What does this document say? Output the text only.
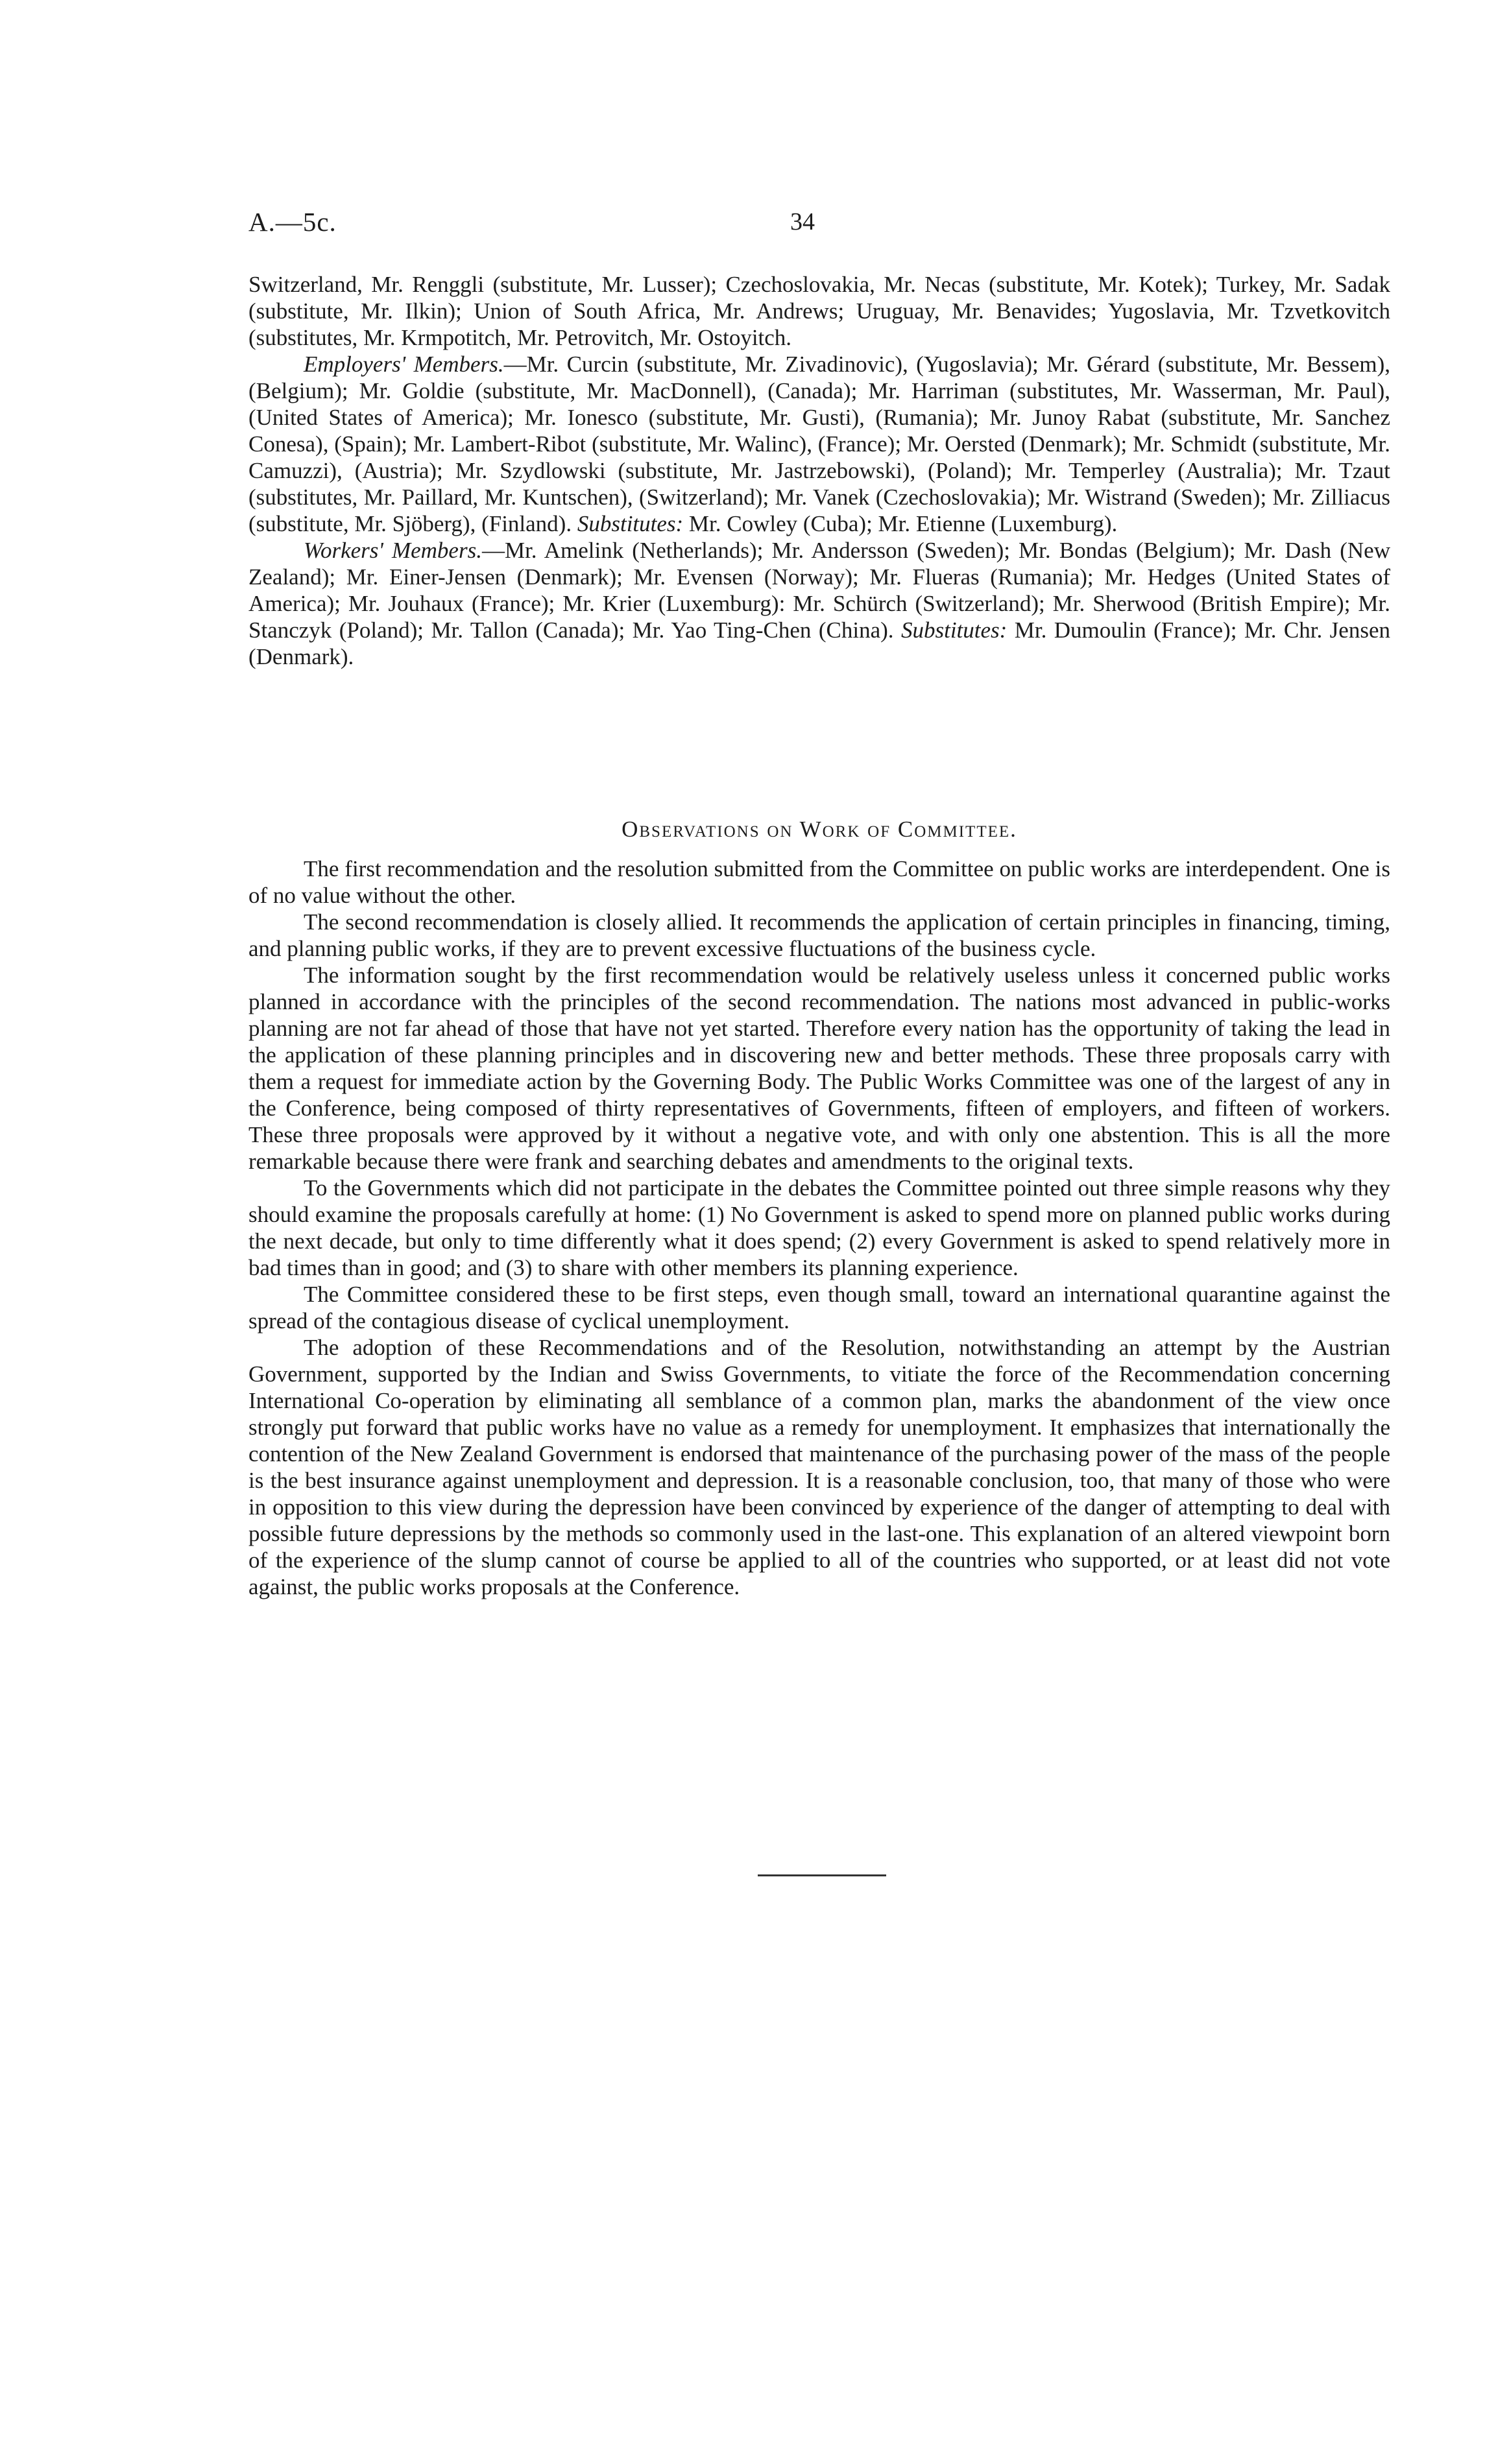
A.—5c.	34

Switzerland, Mr. Renggli (substitute, Mr. Lusser); Czechoslovakia, Mr. Necas (substitute, Mr. Kotek); Turkey, Mr. Sadak (substitute, Mr. Ilkin); Union of South Africa, Mr. Andrews; Uruguay, Mr. Benavides; Yugoslavia, Mr. Tzvetkovitch (substitutes, Mr. Krmpotitch, Mr. Petrovitch, Mr. Ostoyitch.

Employers' Members.—Mr. Curcin (substitute, Mr. Zivadinovic), (Yugoslavia); Mr. Gérard (substitute, Mr. Bessem), (Belgium); Mr. Goldie (substitute, Mr. MacDonnell), (Canada); Mr. Harriman (substitutes, Mr. Wasserman, Mr. Paul), (United States of America); Mr. Ionesco (substitute, Mr. Gusti), (Rumania); Mr. Junoy Rabat (substitute, Mr. Sanchez Conesa), (Spain); Mr. Lambert-Ribot (substitute, Mr. Walinc), (France); Mr. Oersted (Denmark); Mr. Schmidt (substitute, Mr. Camuzzi), (Austria); Mr. Szydlowski (substitute, Mr. Jastrzebowski), (Poland); Mr. Temperley (Australia); Mr. Tzaut (substitutes, Mr. Paillard, Mr. Kuntschen), (Switzerland); Mr. Vanek (Czechoslovakia); Mr. Wistrand (Sweden); Mr. Zilliacus (substitute, Mr. Sjöberg), (Finland). Substitutes: Mr. Cowley (Cuba); Mr. Etienne (Luxemburg).

Workers' Members.—Mr. Amelink (Netherlands); Mr. Andersson (Sweden); Mr. Bondas (Belgium); Mr. Dash (New Zealand); Mr. Einer-Jensen (Denmark); Mr. Evensen (Norway); Mr. Flueras (Rumania); Mr. Hedges (United States of America); Mr. Jouhaux (France); Mr. Krier (Luxemburg): Mr. Schürch (Switzerland); Mr. Sherwood (British Empire); Mr. Stanczyk (Poland); Mr. Tallon (Canada); Mr. Yao Ting-Chen (China). Substitutes: Mr. Dumoulin (France); Mr. Chr. Jensen (Denmark).

Observations on Work of Committee.

The first recommendation and the resolution submitted from the Committee on public works are interdependent. One is of no value without the other.

The second recommendation is closely allied. It recommends the application of certain principles in financing, timing, and planning public works, if they are to prevent excessive fluctuations of the business cycle.

The information sought by the first recommendation would be relatively useless unless it concerned public works planned in accordance with the principles of the second recommendation. The nations most advanced in public-works planning are not far ahead of those that have not yet started. Therefore every nation has the opportunity of taking the lead in the application of these planning principles and in discovering new and better methods. These three proposals carry with them a request for immediate action by the Governing Body. The Public Works Committee was one of the largest of any in the Conference, being composed of thirty representatives of Governments, fifteen of employers, and fifteen of workers. These three proposals were approved by it without a negative vote, and with only one abstention. This is all the more remarkable because there were frank and searching debates and amendments to the original texts.

To the Governments which did not participate in the debates the Committee pointed out three simple reasons why they should examine the proposals carefully at home: (1) No Government is asked to spend more on planned public works during the next decade, but only to time differently what it does spend; (2) every Government is asked to spend relatively more in bad times than in good; and (3) to share with other members its planning experience.

The Committee considered these to be first steps, even though small, toward an international quarantine against the spread of the contagious disease of cyclical unemployment.

The adoption of these Recommendations and of the Resolution, notwithstanding an attempt by the Austrian Government, supported by the Indian and Swiss Governments, to vitiate the force of the Recommendation concerning International Co-operation by eliminating all semblance of a common plan, marks the abandonment of the view once strongly put forward that public works have no value as a remedy for unemployment. It emphasizes that internationally the contention of the New Zealand Government is endorsed that maintenance of the purchasing power of the mass of the people is the best insurance against unemployment and depression. It is a reasonable conclusion, too, that many of those who were in opposition to this view during the depression have been convinced by experience of the danger of attempting to deal with possible future depressions by the methods so commonly used in the last-one. This explanation of an altered viewpoint born of the experience of the slump cannot of course be applied to all of the countries who supported, or at least did not vote against, the public works proposals at the Conference.
